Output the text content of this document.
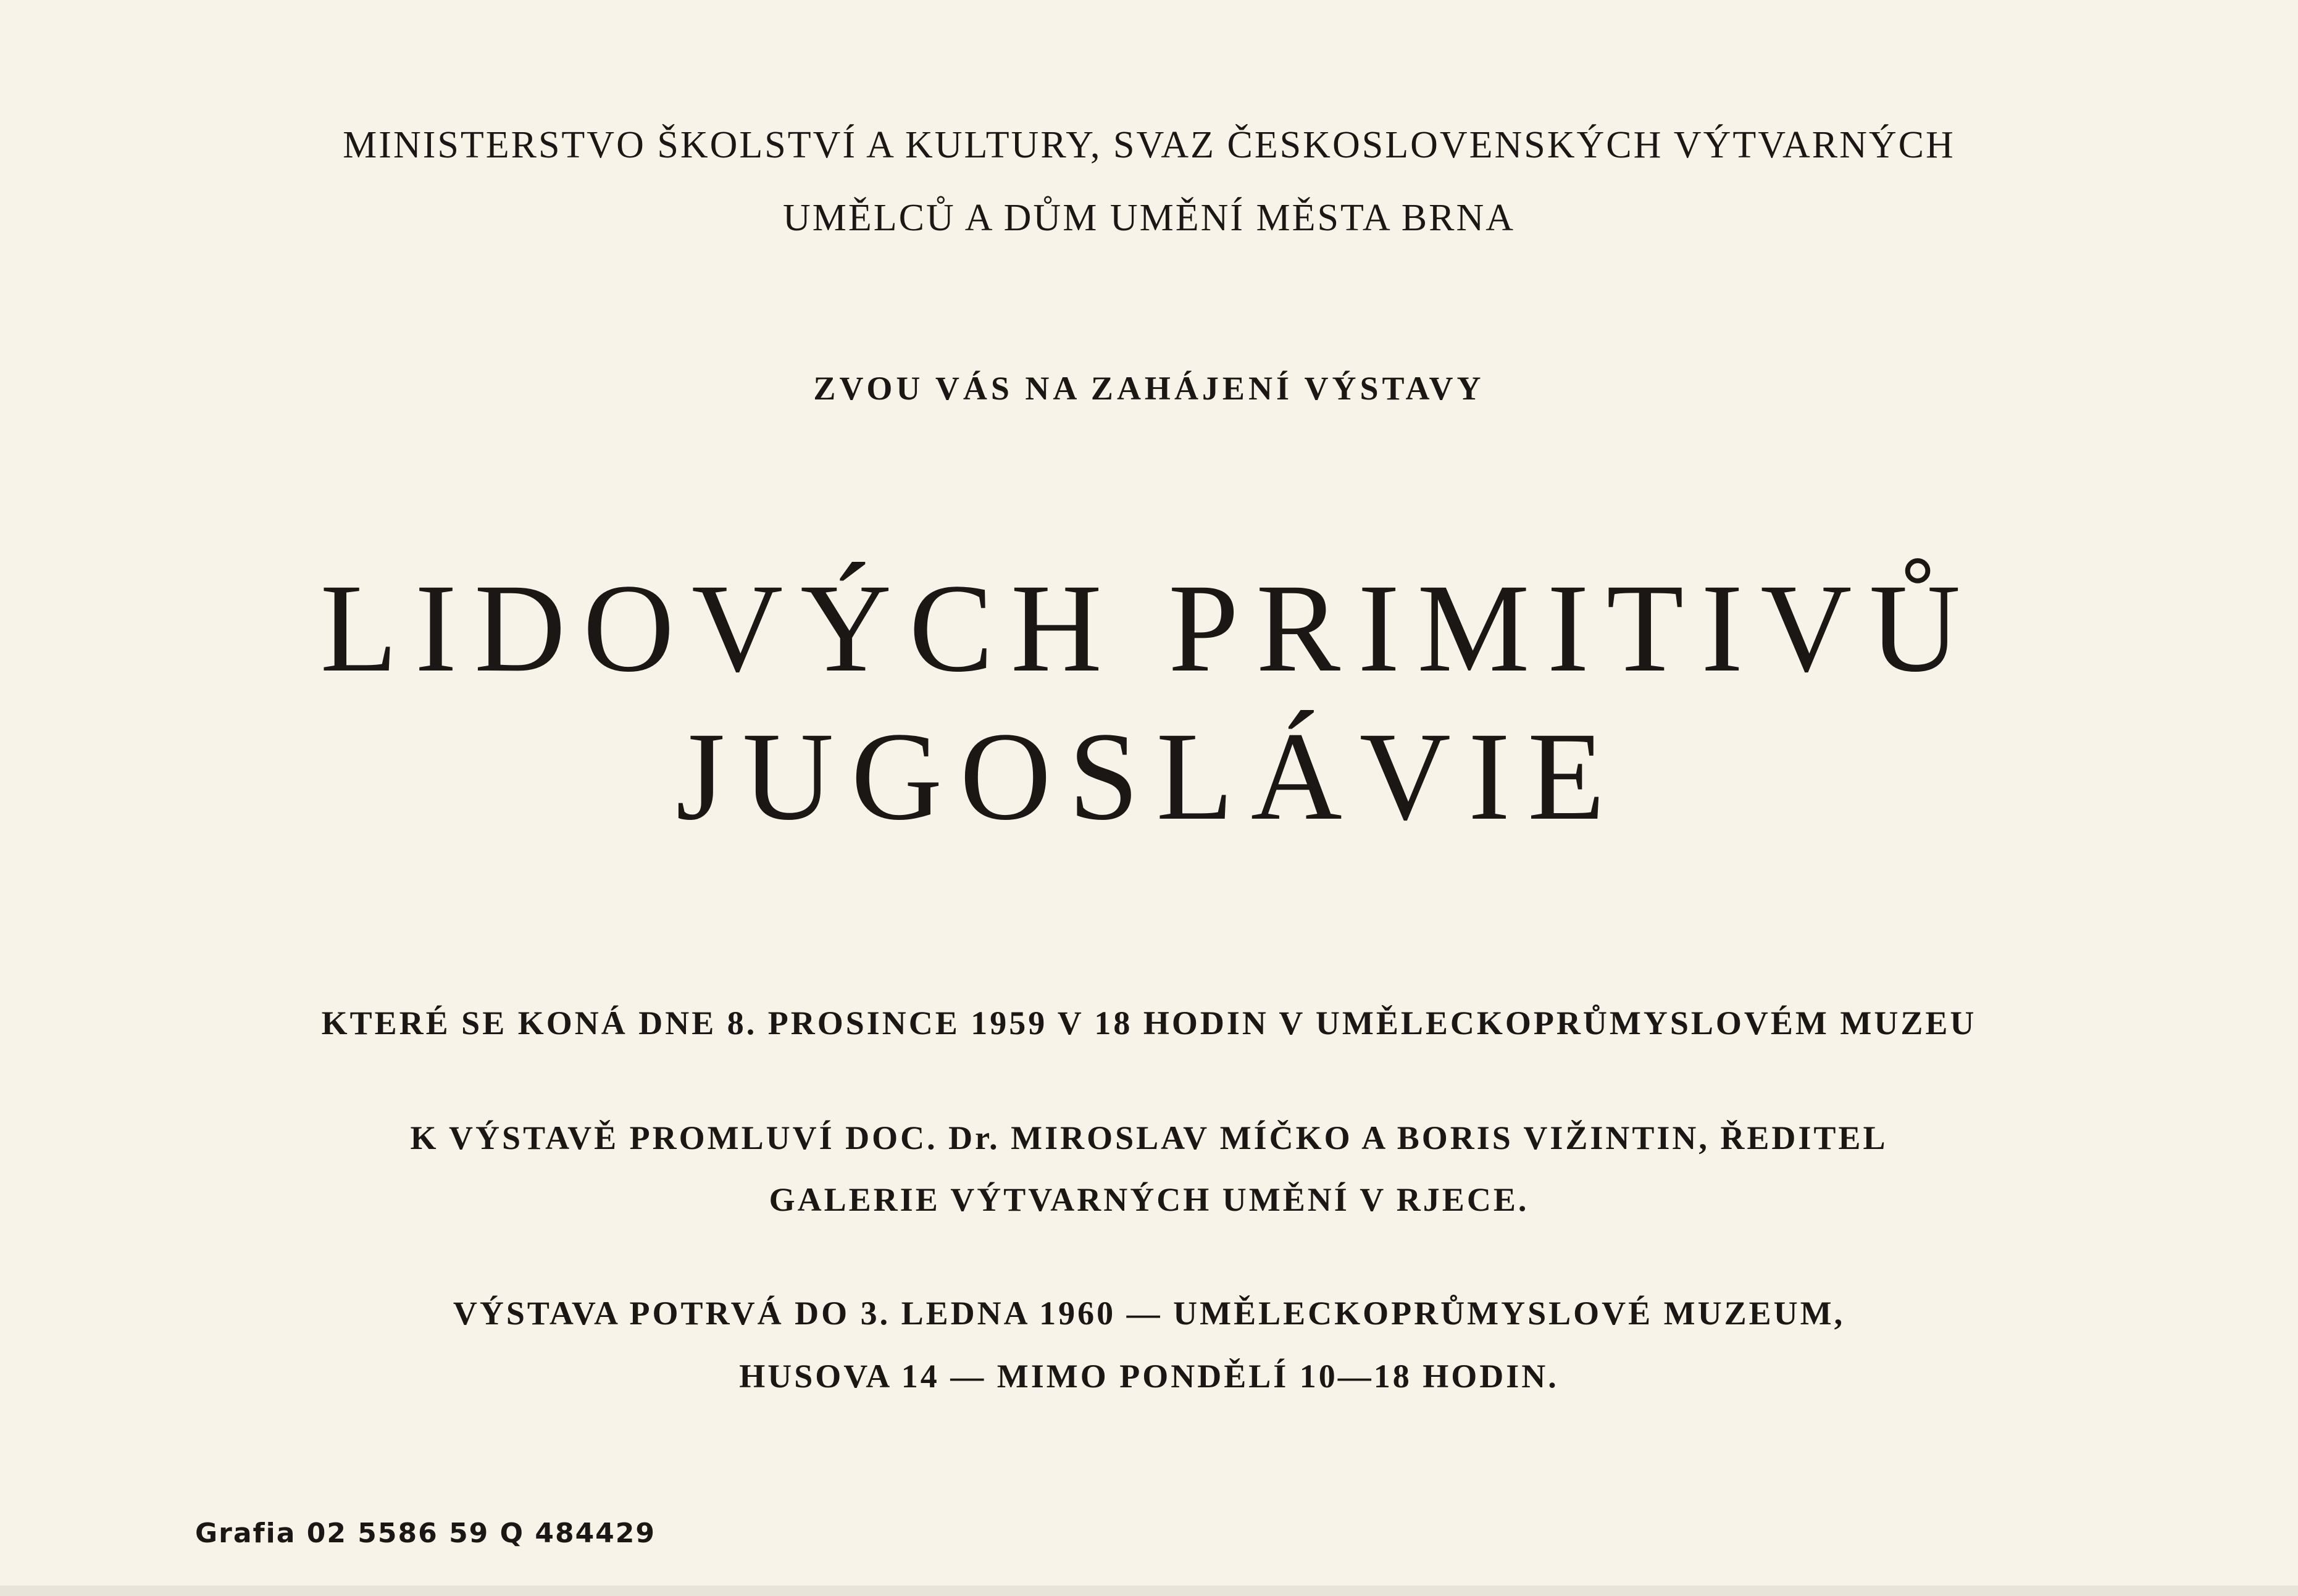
MINISTERSTVO ŠKOLSTVÍ A KULTURY, SVAZ ČESKOSLOVENSKÝCH VÝTVARNÝCH
UMĚLCŮ A DŮM UMĚNÍ MĚSTA BRNA
ZVOU VÁS NA ZAHÁJENÍ VÝSTAVY
LIDOVÝCH PRIMITIVŮ
JUGOSLÁVIE
KTERÉ SE KONÁ DNE 8. PROSINCE 1959 V 18 HODIN V UMĚLECKOPRŮMYSLOVÉM MUZEU
K VÝSTAVĚ PROMLUVÍ DOC. Dr. MIROSLAV MÍČKO A BORIS VIŽINTIN, ŘEDITEL
GALERIE VÝTVARNÝCH UMĚNÍ V RJECE.
VÝSTAVA POTRVÁ DO 3. LEDNA 1960 — UMĚLECKOPRŮMYSLOVÉ MUZEUM,
HUSOVA 14 — MIMO PONDĚLÍ 10—18 HODIN.
Grafia 02 5586 59 Q 484429
